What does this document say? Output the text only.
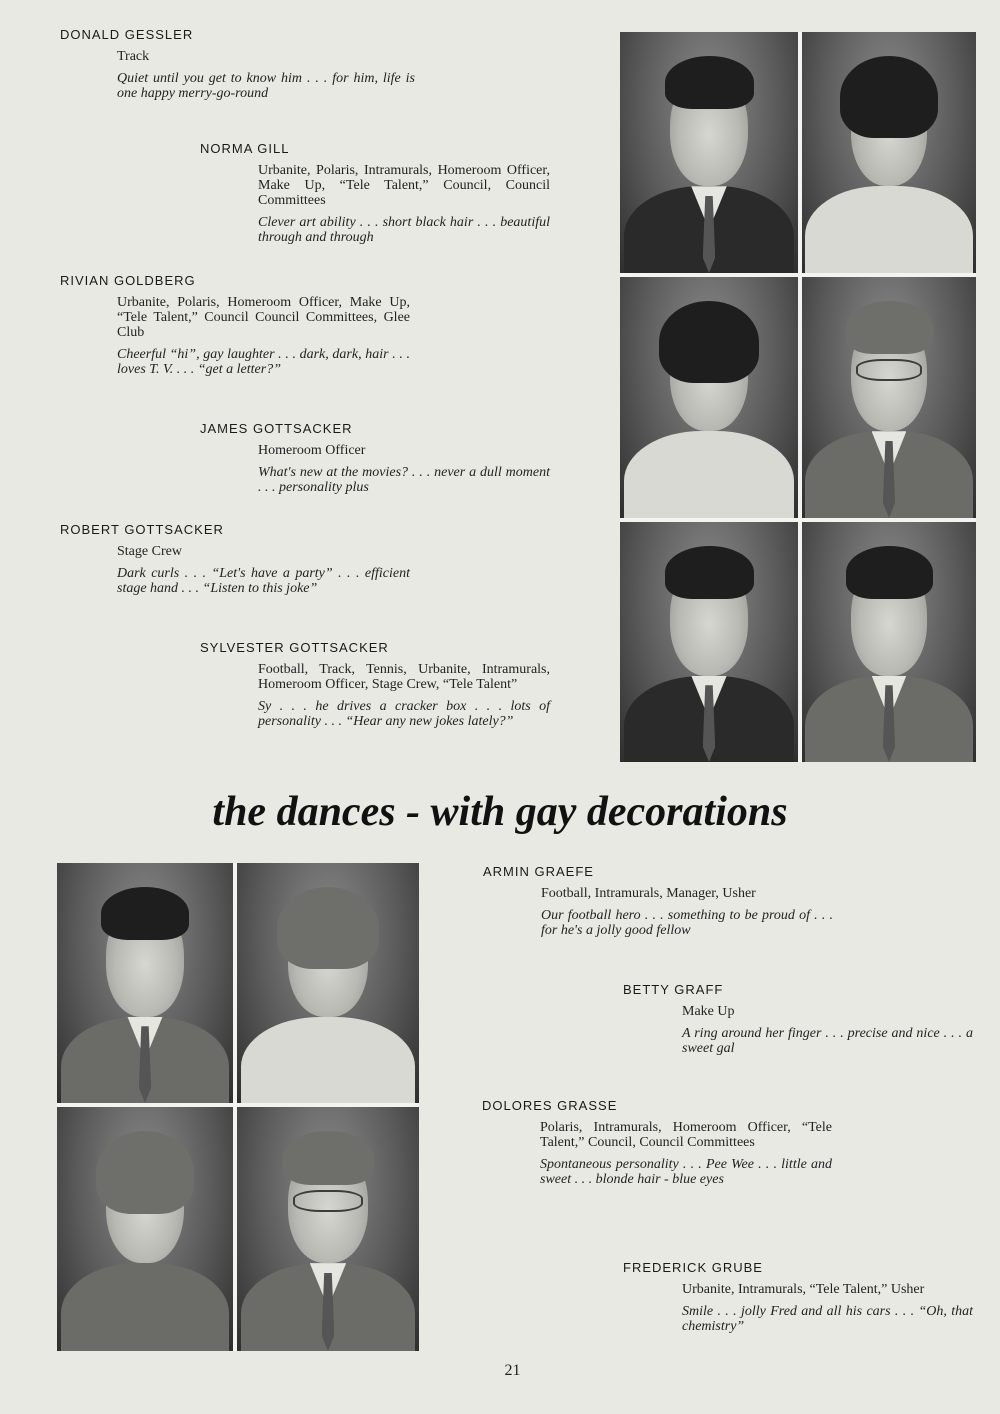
DONALD GESSLER

Track

Quiet until you get to know him . . . for him, life is one happy merry-go-round

NORMA GILL

Urbanite, Polaris, Intramurals, Homeroom Officer, Make Up, “Tele Talent,” Council, Council Committees

Clever art ability . . . short black hair . . . beautiful through and through

RIVIAN GOLDBERG

Urbanite, Polaris, Homeroom Officer, Make Up, “Tele Talent,” Council Council Committees, Glee Club

Cheerful “hi”, gay laughter . . . dark, dark, hair . . . loves T. V. . . . “get a letter?”

JAMES GOTTSACKER

Homeroom Officer

What's new at the movies? . . . never a dull moment . . . personality plus

ROBERT GOTTSACKER

Stage Crew

Dark curls . . . “Let's have a party” . . . efficient stage hand . . . “Listen to this joke”

SYLVESTER GOTTSACKER

Football, Track, Tennis, Urbanite, Intramurals, Homeroom Officer, Stage Crew, “Tele Talent”

Sy . . . he drives a cracker box . . . lots of personality . . . “Hear any new jokes lately?”

the dances - with gay decorations
ARMIN GRAEFE

Football, Intramurals, Manager, Usher

Our football hero . . . something to be proud of . . . for he's a jolly good fellow

BETTY GRAFF

Make Up

A ring around her finger . . . precise and nice . . . a sweet gal

DOLORES GRASSE

Polaris, Intramurals, Homeroom Officer, “Tele Talent,” Council, Council Committees

Spontaneous personality . . . Pee Wee . . . little and sweet . . . blonde hair - blue eyes

FREDERICK GRUBE

Urbanite, Intramurals, “Tele Talent,” Usher

Smile . . . jolly Fred and all his cars . . . “Oh, that chemistry”

21
